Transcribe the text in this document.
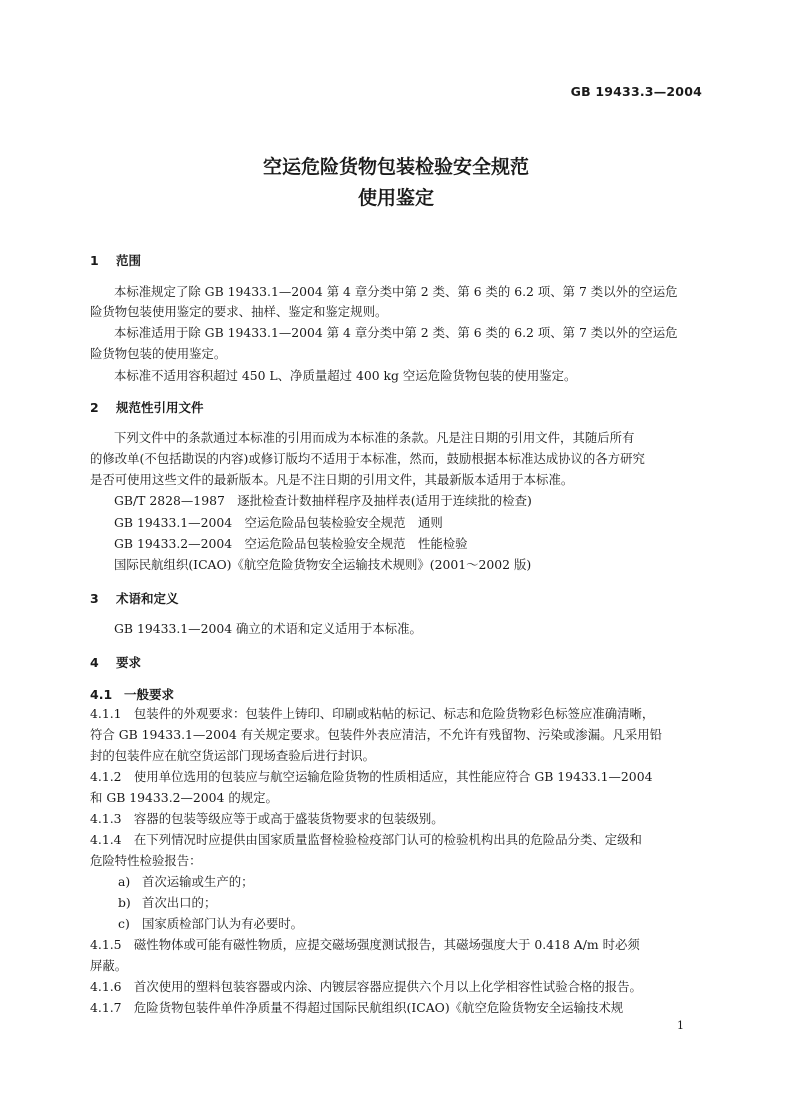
GB 19433.3—2004
空运危险货物包装检验安全规范
使用鉴定
1 范围
本标准规定了除 GB 19433.1—2004 第 4 章分类中第 2 类、第 6 类的 6.2 项、第 7 类以外的空运危
险货物包装使用鉴定的要求、抽样、鉴定和鉴定规则。
本标准适用于除 GB 19433.1—2004 第 4 章分类中第 2 类、第 6 类的 6.2 项、第 7 类以外的空运危
险货物包装的使用鉴定。
本标准不适用容积超过 450 L、净质量超过 400 kg 空运危险货物包装的使用鉴定。
2 规范性引用文件
下列文件中的条款通过本标准的引用而成为本标准的条款。凡是注日期的引用文件，其随后所有
的修改单(不包括勘误的内容)或修订版均不适用于本标准，然而，鼓励根据本标准达成协议的各方研究
是否可使用这些文件的最新版本。凡是不注日期的引用文件，其最新版本适用于本标准。
GB/T 2828—1987　逐批检查计数抽样程序及抽样表(适用于连续批的检查)
GB 19433.1—2004　空运危险品包装检验安全规范　通则
GB 19433.2—2004　空运危险品包装检验安全规范　性能检验
国际民航组织(ICAO)《航空危险货物安全运输技术规则》(2001～2002 版)
3 术语和定义
GB 19433.1—2004 确立的术语和定义适用于本标准。
4 要求
4.1 一般要求
4.1.1　包装件的外观要求：包装件上铸印、印刷或粘帖的标记、标志和危险货物彩色标签应准确清晰，
符合 GB 19433.1—2004 有关规定要求。包装件外表应清洁，不允许有残留物、污染或渗漏。凡采用铅
封的包装件应在航空货运部门现场查验后进行封识。
4.1.2　使用单位选用的包装应与航空运输危险货物的性质相适应，其性能应符合 GB 19433.1—2004
和 GB 19433.2—2004 的规定。
4.1.3　容器的包装等级应等于或高于盛装货物要求的包装级别。
4.1.4　在下列情况时应提供由国家质量监督检验检疫部门认可的检验机构出具的危险品分类、定级和
危险特性检验报告：
a) 首次运输或生产的；
b) 首次出口的；
c) 国家质检部门认为有必要时。
4.1.5　磁性物体或可能有磁性物质，应提交磁场强度测试报告，其磁场强度大于 0.418 A/m 时必须
屏蔽。
4.1.6　首次使用的塑料包装容器或内涂、内镀层容器应提供六个月以上化学相容性试验合格的报告。
4.1.7　危险货物包装件单件净质量不得超过国际民航组织(ICAO)《航空危险货物安全运输技术规
1
